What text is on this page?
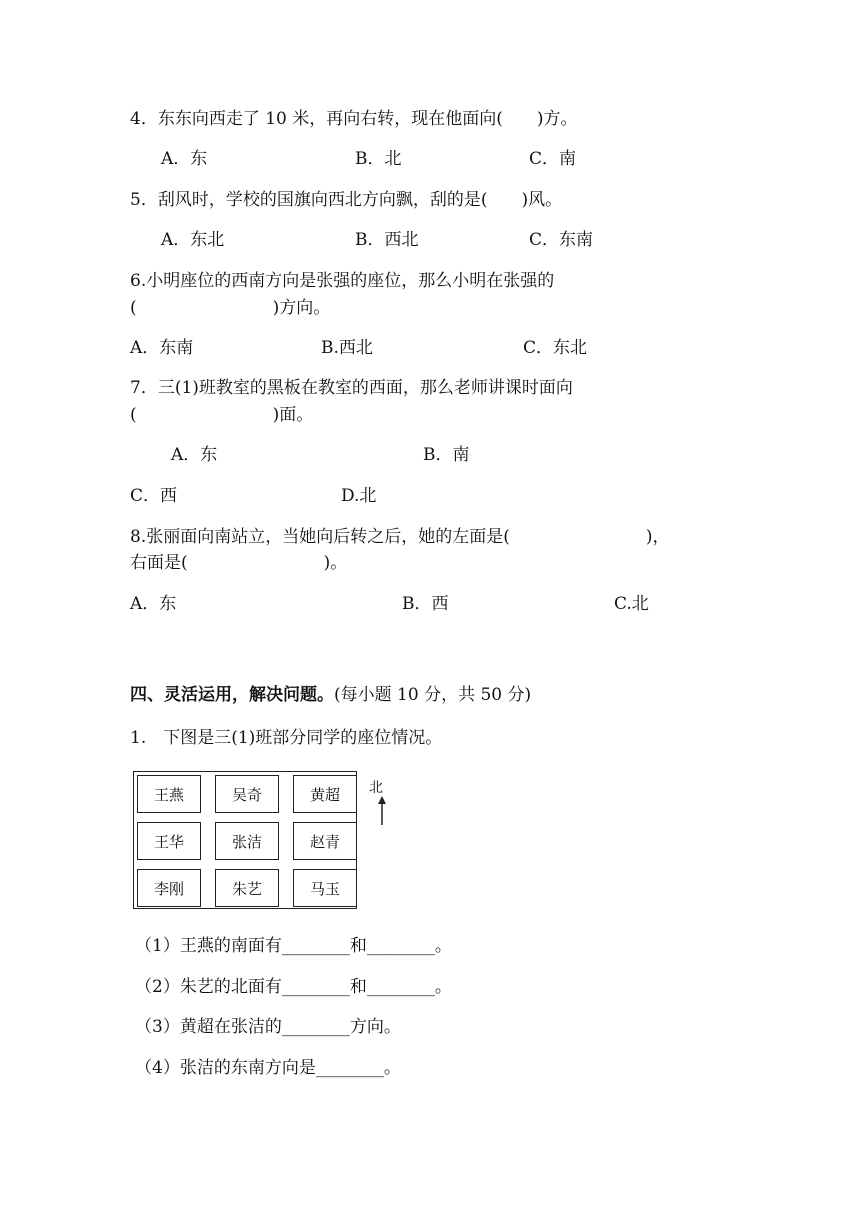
4．东东向西走了 10 米，再向右转，现在他面向(　　)方。
A．东	B．北	C．南
5．刮风时，学校的国旗向西北方向飘，刮的是(　　)风。
A．东北	B．西北	C．东南
6.小明座位的西南方向是张强的座位，那么小明在张强的
(　　　　　　　　)方向。
A．东南	B.西北	C．东北
7．三(1)班教室的黑板在教室的西面，那么老师讲课时面向
(　　　　　　　　)面。
A．东	B．南
C．西	D.北
8.张丽面向南站立，当她向后转之后，她的左面是(　　　　　　　　)，
右面是(　　　　　　　　)。
A．东	B．西	C.北
四、灵活运用，解决问题。(每小题 10 分，共 50 分)
1.　下图是三(1)班部分同学的座位情况。
王燕	吴奇	黄超
王华	张洁	赵青
李刚	朱艺	马玉
北
（1）王燕的南面有________和________。
（2）朱艺的北面有________和________。
（3）黄超在张洁的________方向。
（4）张洁的东南方向是________。
